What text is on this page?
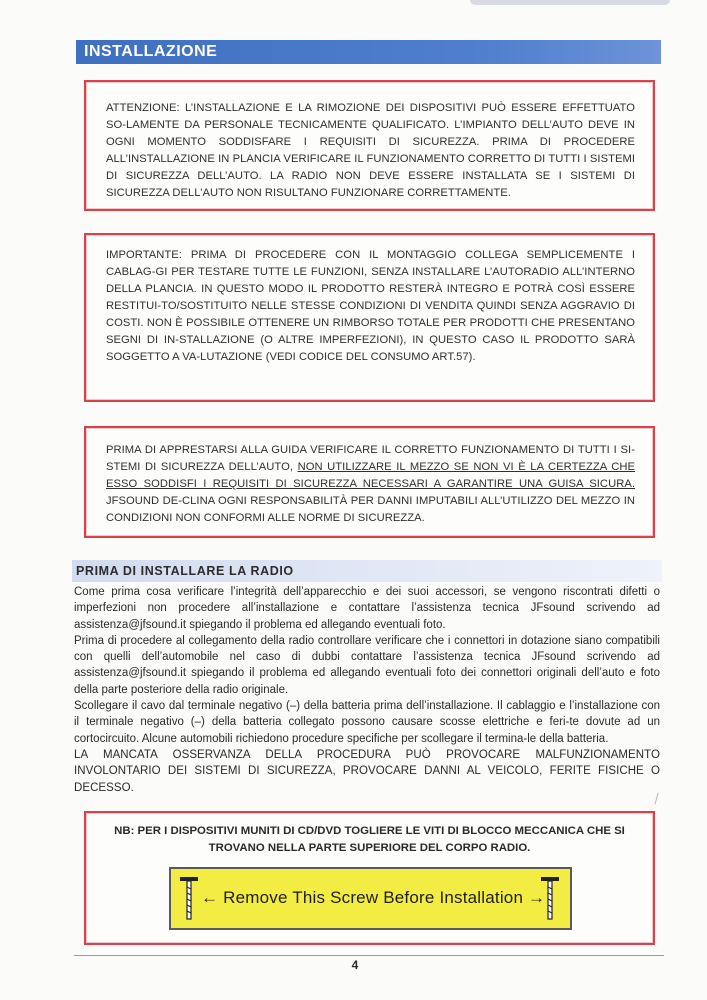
INSTALLAZIONE

ATTENZIONE: L’INSTALLAZIONE E LA RIMOZIONE DEI DISPOSITIVI PUÒ ESSERE EFFETTUATO SO-LAMENTE DA PERSONALE TECNICAMENTE QUALIFICATO. L’IMPIANTO DELL’AUTO DEVE IN OGNI MOMENTO SODDISFARE I REQUISITI DI SICUREZZA. PRIMA DI PROCEDERE ALL’INSTALLAZIONE IN PLANCIA VERIFICARE IL FUNZIONAMENTO CORRETTO DI TUTTI I SISTEMI DI SICUREZZA DELL’AUTO. LA RADIO NON DEVE ESSERE INSTALLATA SE I SISTEMI DI SICUREZZA DELL’AUTO NON RISULTANO FUNZIONARE CORRETTAMENTE.

IMPORTANTE: PRIMA DI PROCEDERE CON IL MONTAGGIO COLLEGA SEMPLICEMENTE I CABLAG-GI PER TESTARE TUTTE LE FUNZIONI, SENZA INSTALLARE L’AUTORADIO ALL’INTERNO DELLA PLANCIA. IN QUESTO MODO IL PRODOTTO RESTERÀ INTEGRO E POTRÀ COSÌ ESSERE RESTITUI-TO/SOSTITUITO NELLE STESSE CONDIZIONI DI VENDITA QUINDI SENZA AGGRAVIO DI COSTI. NON È POSSIBILE OTTENERE UN RIMBORSO TOTALE PER PRODOTTI CHE PRESENTANO SEGNI DI IN-STALLAZIONE (O ALTRE IMPERFEZIONI), IN QUESTO CASO IL PRODOTTO SARÀ SOGGETTO A VA-LUTAZIONE (VEDI CODICE DEL CONSUMO ART.57).

PRIMA DI APPRESTARSI ALLA GUIDA VERIFICARE IL CORRETTO FUNZIONAMENTO DI TUTTI I SI-STEMI DI SICUREZZA DELL’AUTO, NON UTILIZZARE IL MEZZO SE NON VI È LA CERTEZZA CHE ESSO SODDISFI I REQUISITI DI SICUREZZA NECESSARI A GARANTIRE UNA GUISA SICURA. JFSOUND DE-CLINA OGNI RESPONSABILITÀ PER DANNI IMPUTABILI ALL’UTILIZZO DEL MEZZO IN CONDIZIONI NON CONFORMI ALLE NORME DI SICUREZZA.

PRIMA DI INSTALLARE LA RADIO

Come prima cosa verificare l’integrità dell’apparecchio e dei suoi accessori, se vengono riscontrati difetti o imperfezioni non procedere all’installazione e contattare l’assistenza tecnica JFsound scrivendo ad assistenza@jfsound.it spiegando il problema ed allegando eventuali foto.

Prima di procedere al collegamento della radio controllare verificare che i connettori in dotazione siano compatibili con quelli dell’automobile nel caso di dubbi contattare l’assistenza tecnica JFsound scrivendo ad assistenza@jfsound.it spiegando il problema ed allegando eventuali foto dei connettori originali dell’auto e foto della parte posteriore della radio originale.

Scollegare il cavo dal terminale negativo (–) della batteria prima dell’installazione. Il cablaggio e l’installazione con il terminale negativo (–) della batteria collegato possono causare scosse elettriche e feri-te dovute ad un cortocircuito. Alcune automobili richiedono procedure specifiche per scollegare il termina-le della batteria.

LA MANCATA OSSERVANZA DELLA PROCEDURA PUÒ PROVOCARE MALFUNZIONAMENTO INVOLONTARIO DEI SISTEMI DI SICUREZZA, PROVOCARE DANNI AL VEICOLO, FERITE FISICHE O DECESSO.

NB: PER I DISPOSITIVI MUNITI DI CD/DVD TOGLIERE LE VITI DI BLOCCO MECCANICA CHE SI
TROVANO NELLA PARTE SUPERIORE DEL CORPO RADIO.
← Remove This Screw Before Installation →
4
